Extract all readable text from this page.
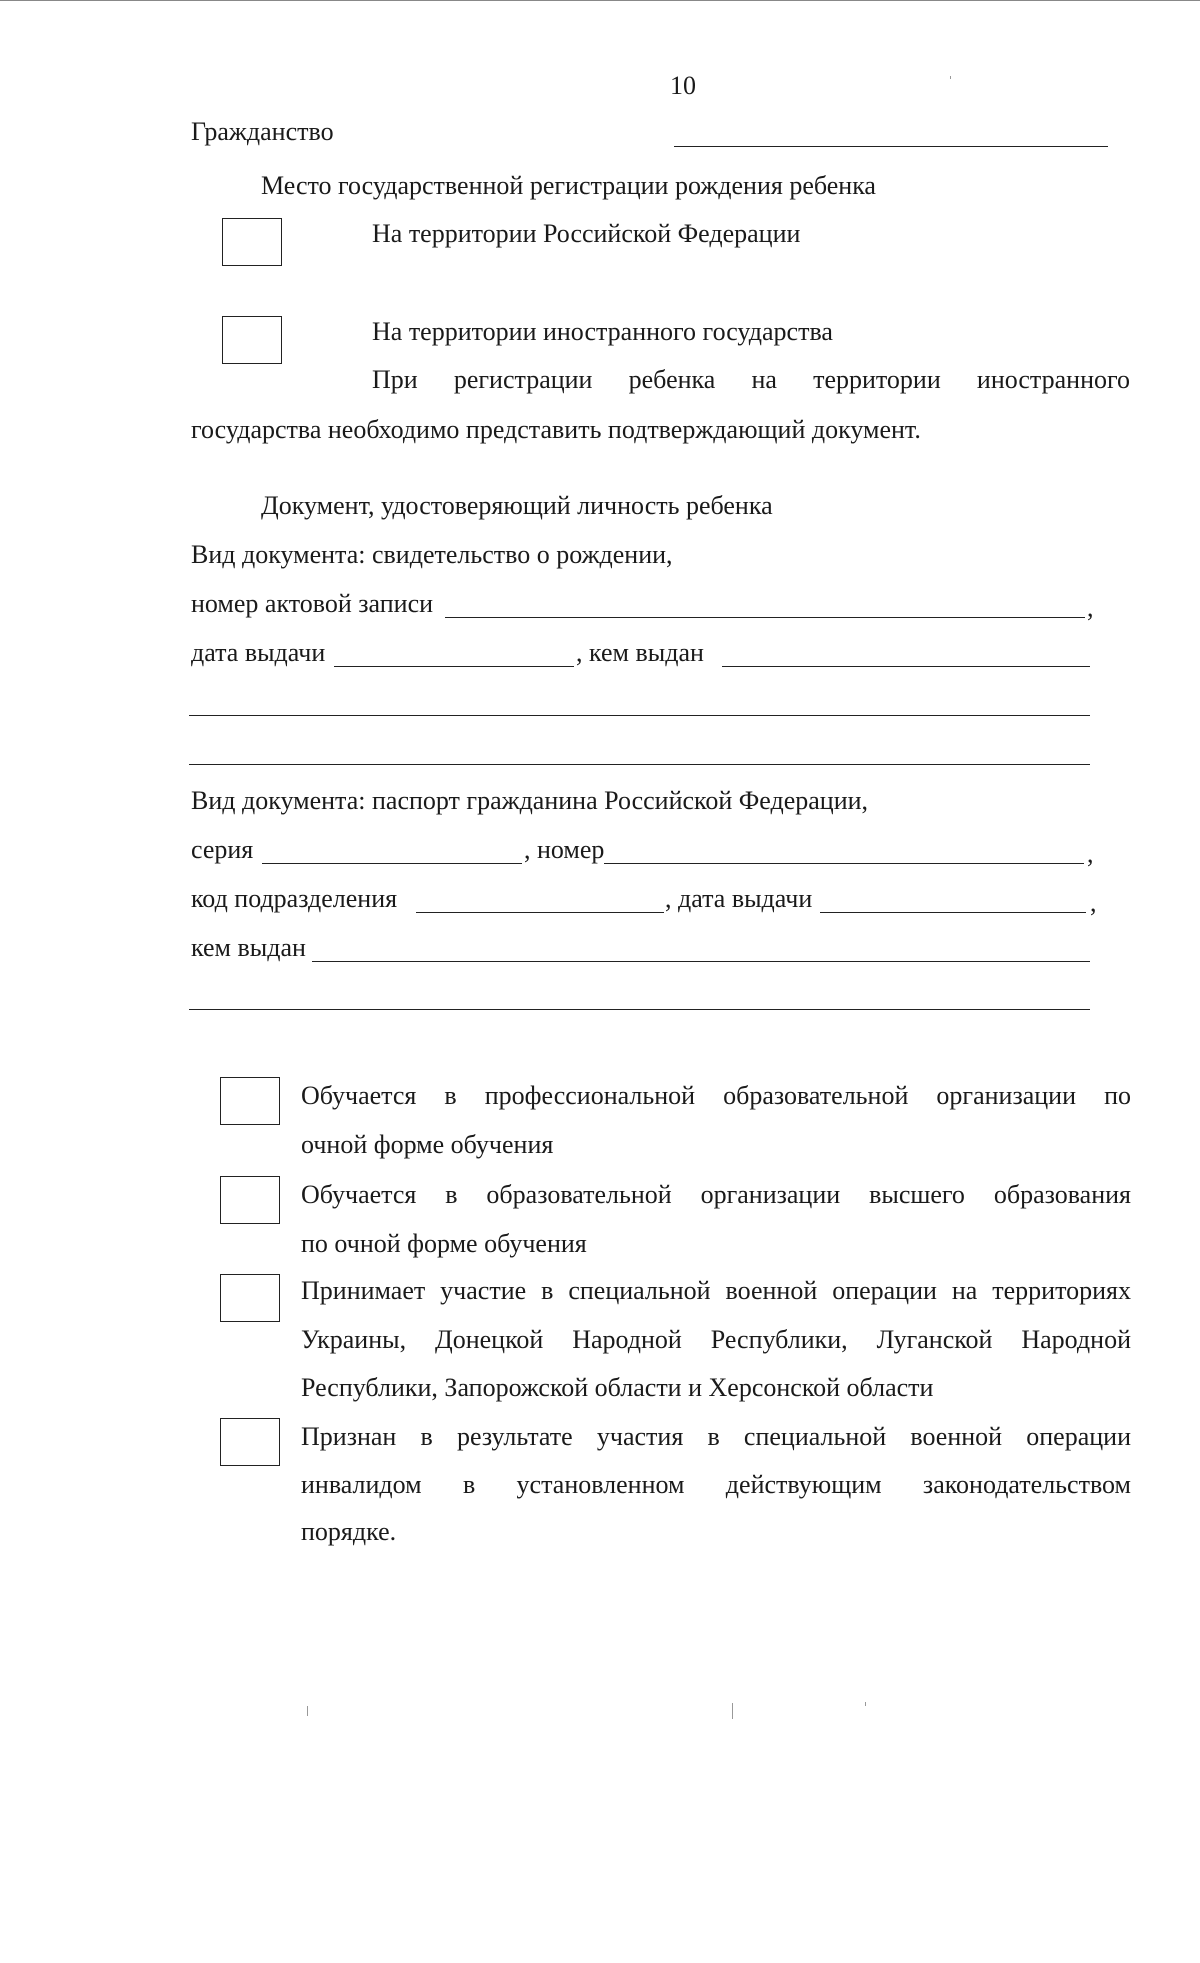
10
Гражданство
Место государственной регистрации рождения ребенка
На территории Российской Федерации
На территории иностранного государства
При регистрации ребенка на территории иностранного
государства необходимо представить подтверждающий документ.
Документ, удостоверяющий личность ребенка
Вид документа: свидетельство о рождении,
номер актовой записи	,
дата выдачи	, кем выдан
Вид документа: паспорт гражданина Российской Федерации,
серия	, номер	,
код подразделения	, дата выдачи	,
кем выдан
Обучается в профессиональной образовательной организации по
очной форме обучения
Обучается в образовательной организации высшего образования
по очной форме обучения
Принимает участие в специальной военной операции на территориях
Украины, Донецкой Народной Республики, Луганской Народной
Республики, Запорожской области и Херсонской области
Признан в результате участия в специальной военной операции
инвалидом в установленном действующим законодательством
порядке.
